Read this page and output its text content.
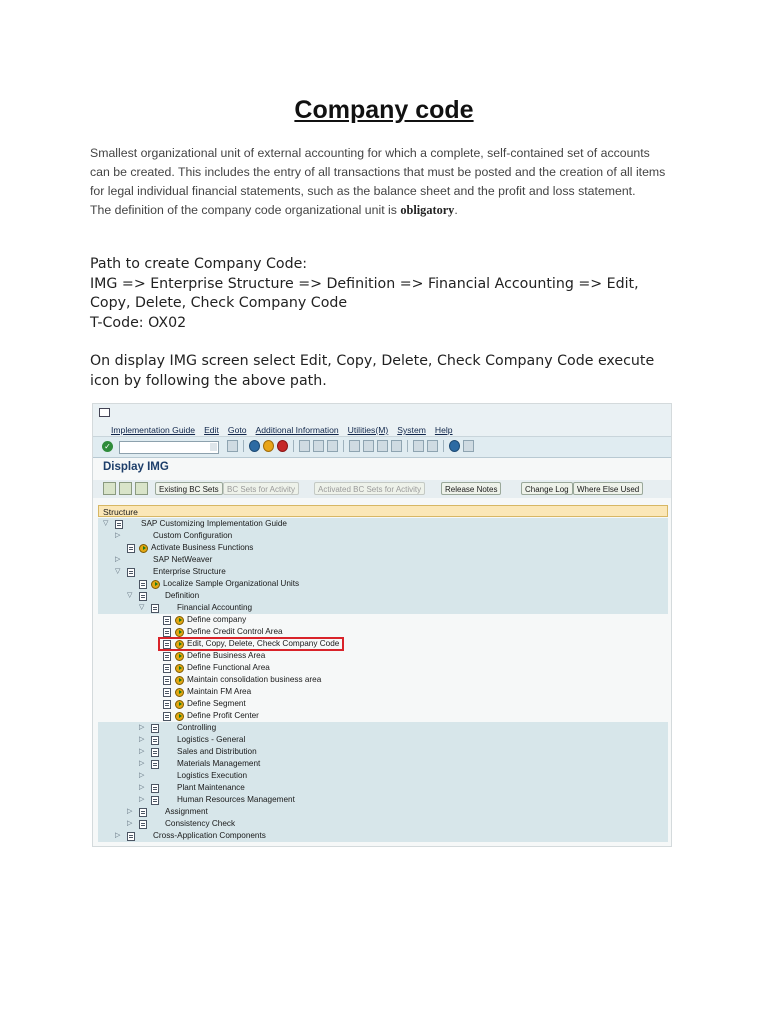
Company code

Smallest organizational unit of external accounting for which a complete, self-contained set of accounts

can be created. This includes the entry of all transactions that must be posted and the creation of all items

for legal individual financial statements, such as the balance sheet and the profit and loss statement.

The definition of the company code organizational unit is obligatory.

Path to create Company Code:

IMG => Enterprise Structure => Definition => Financial Accounting => Edit,

Copy, Delete, Check Company Code

T-Code: OX02

On display IMG screen select Edit, Copy, Delete, Check Company Code execute

icon by following the above path.

Implementation Guide Edit Goto Additional Information Utilities(M) System Help
✓
Display IMG
Existing BC Sets	BC Sets for Activity	Activated BC Sets for Activity	Release Notes	Change Log	Where Else Used
Structure
▽	SAP Customizing Implementation Guide
▷	Custom Configuration
Activate Business Functions
▷	SAP NetWeaver
▽	Enterprise Structure
Localize Sample Organizational Units
▽	Definition
▽	Financial Accounting
Define company
Define Credit Control Area
Edit, Copy, Delete, Check Company Code
Define Business Area
Define Functional Area
Maintain consolidation business area
Maintain FM Area
Define Segment
Define Profit Center
▷	Controlling
▷	Logistics - General
▷	Sales and Distribution
▷	Materials Management
▷	Logistics Execution
▷	Plant Maintenance
▷	Human Resources Management
▷	Assignment
▷	Consistency Check
▷	Cross-Application Components
